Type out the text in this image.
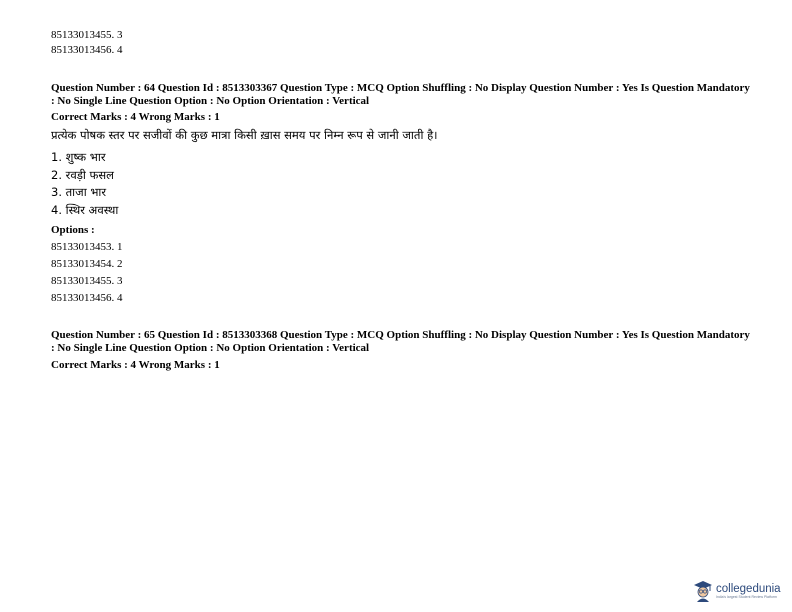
85133013455. 3
85133013456. 4
Question Number : 64 Question Id : 8513303367 Question Type : MCQ Option Shuffling : No Display Question Number : Yes Is Question Mandatory : No Single Line Question Option : No Option Orientation : Vertical
Correct Marks : 4 Wrong Marks : 1
प्रत्येक पोषक स्तर पर सजीवों की कुछ मात्रा किसी ख़ास समय पर निम्न रूप से जानी जाती है।
1. शुष्क भार
2. रवड़ी फसल
3. ताजा भार
4. स्थिर अवस्था
Options :
85133013453. 1
85133013454. 2
85133013455. 3
85133013456. 4
Question Number : 65 Question Id : 8513303368 Question Type : MCQ Option Shuffling : No Display Question Number : Yes Is Question Mandatory : No Single Line Question Option : No Option Orientation : Vertical
Correct Marks : 4 Wrong Marks : 1
collegedunia
India's largest Student Review Platform
